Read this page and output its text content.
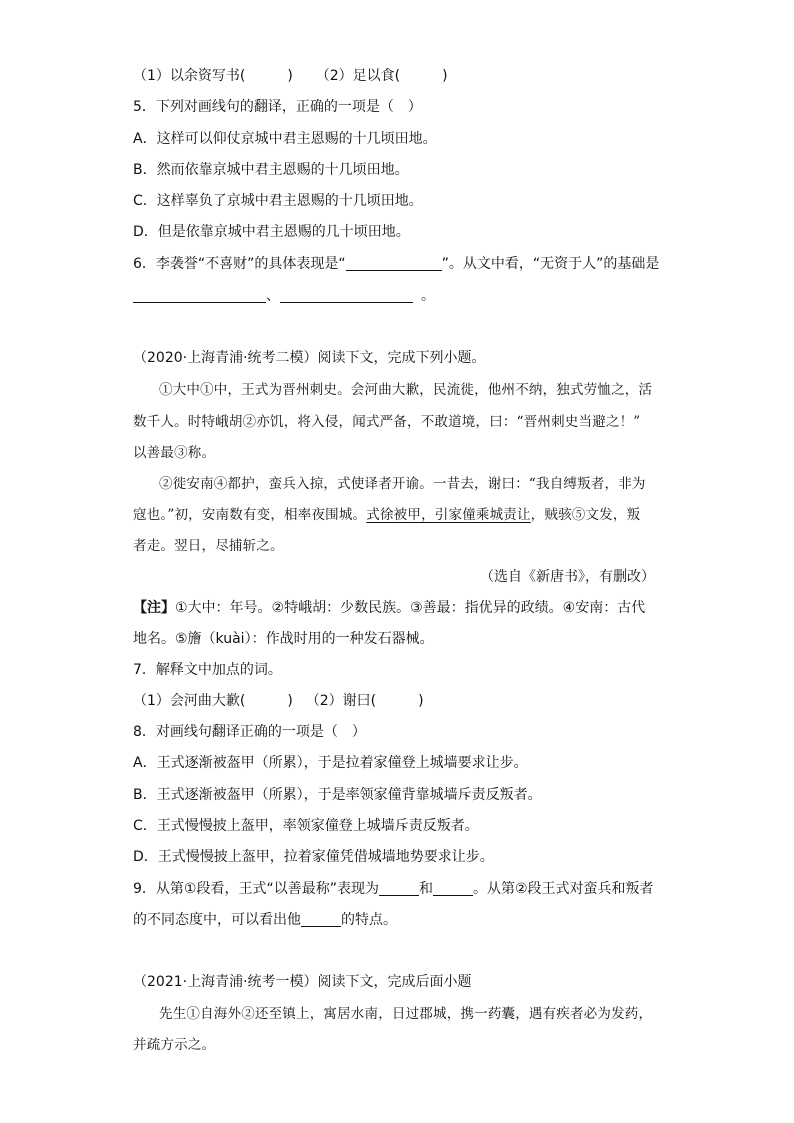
（1）以余资写书(　　　) （2）足以食(　　　)
5．下列对画线句的翻译，正确的一项是（　）
A．这样可以仰仗京城中君主恩赐的十几顷田地。
B．然而依靠京城中君主恩赐的十几顷田地。
C．这样辜负了京城中君主恩赐的十几顷田地。
D．但是依靠京城中君主恩赐的几十顷田地。
6．李袭誉“不喜财”的具体表现是“	”。从文中看，“无资于人”的基础是
、	。
（2020·上海青浦·统考二模）阅读下文，完成下列小题。
①大中①中，王式为晋州刺史。会河曲大歉，民流徙，他州不纳，独式劳恤之，活
数千人。时特峨胡②亦饥，将入侵，闻式严备，不敢道境，曰：“晋州刺史当避之！”
以善最③称。
②徙安南④都护，蛮兵入掠，式使译者开谕。一昔去，谢曰：“我自缚叛者，非为
寇也。”初，安南数有变，相率夜围城。式徐被甲，引家僮乘城责让，贼骇⑤文发，叛
者走。翌日，尽捕斩之。
（选自《新唐书》，有删改）
【注】①大中：年号。②特峨胡：少数民族。③善最：指优异的政绩。④安南：古代
地名。⑤旝（kuài）：作战时用的一种发石器械。
7．解释文中加点的词。
（1）会河曲大歉(　　　) （2）谢曰(　　　)
8．对画线句翻译正确的一项是（　）
A．王式逐渐被盔甲（所累），于是拉着家僮登上城墙要求让步。
B．王式逐渐被盔甲（所累），于是率领家僮背靠城墙斥责反叛者。
C．王式慢慢披上盔甲，率领家僮登上城墙斥责反叛者。
D．王式慢慢披上盔甲，拉着家僮凭借城墙地势要求让步。
9．从第①段看，王式“以善最称”表现为	和	。从第②段王式对蛮兵和叛者
的不同态度中，可以看出他	的特点。
（2021·上海青浦·统考一模）阅读下文，完成后面小题
先生①自海外②还至镇上，寓居水南，日过郡城，携一药囊，遇有疾者必为发药，
并疏方示之。
